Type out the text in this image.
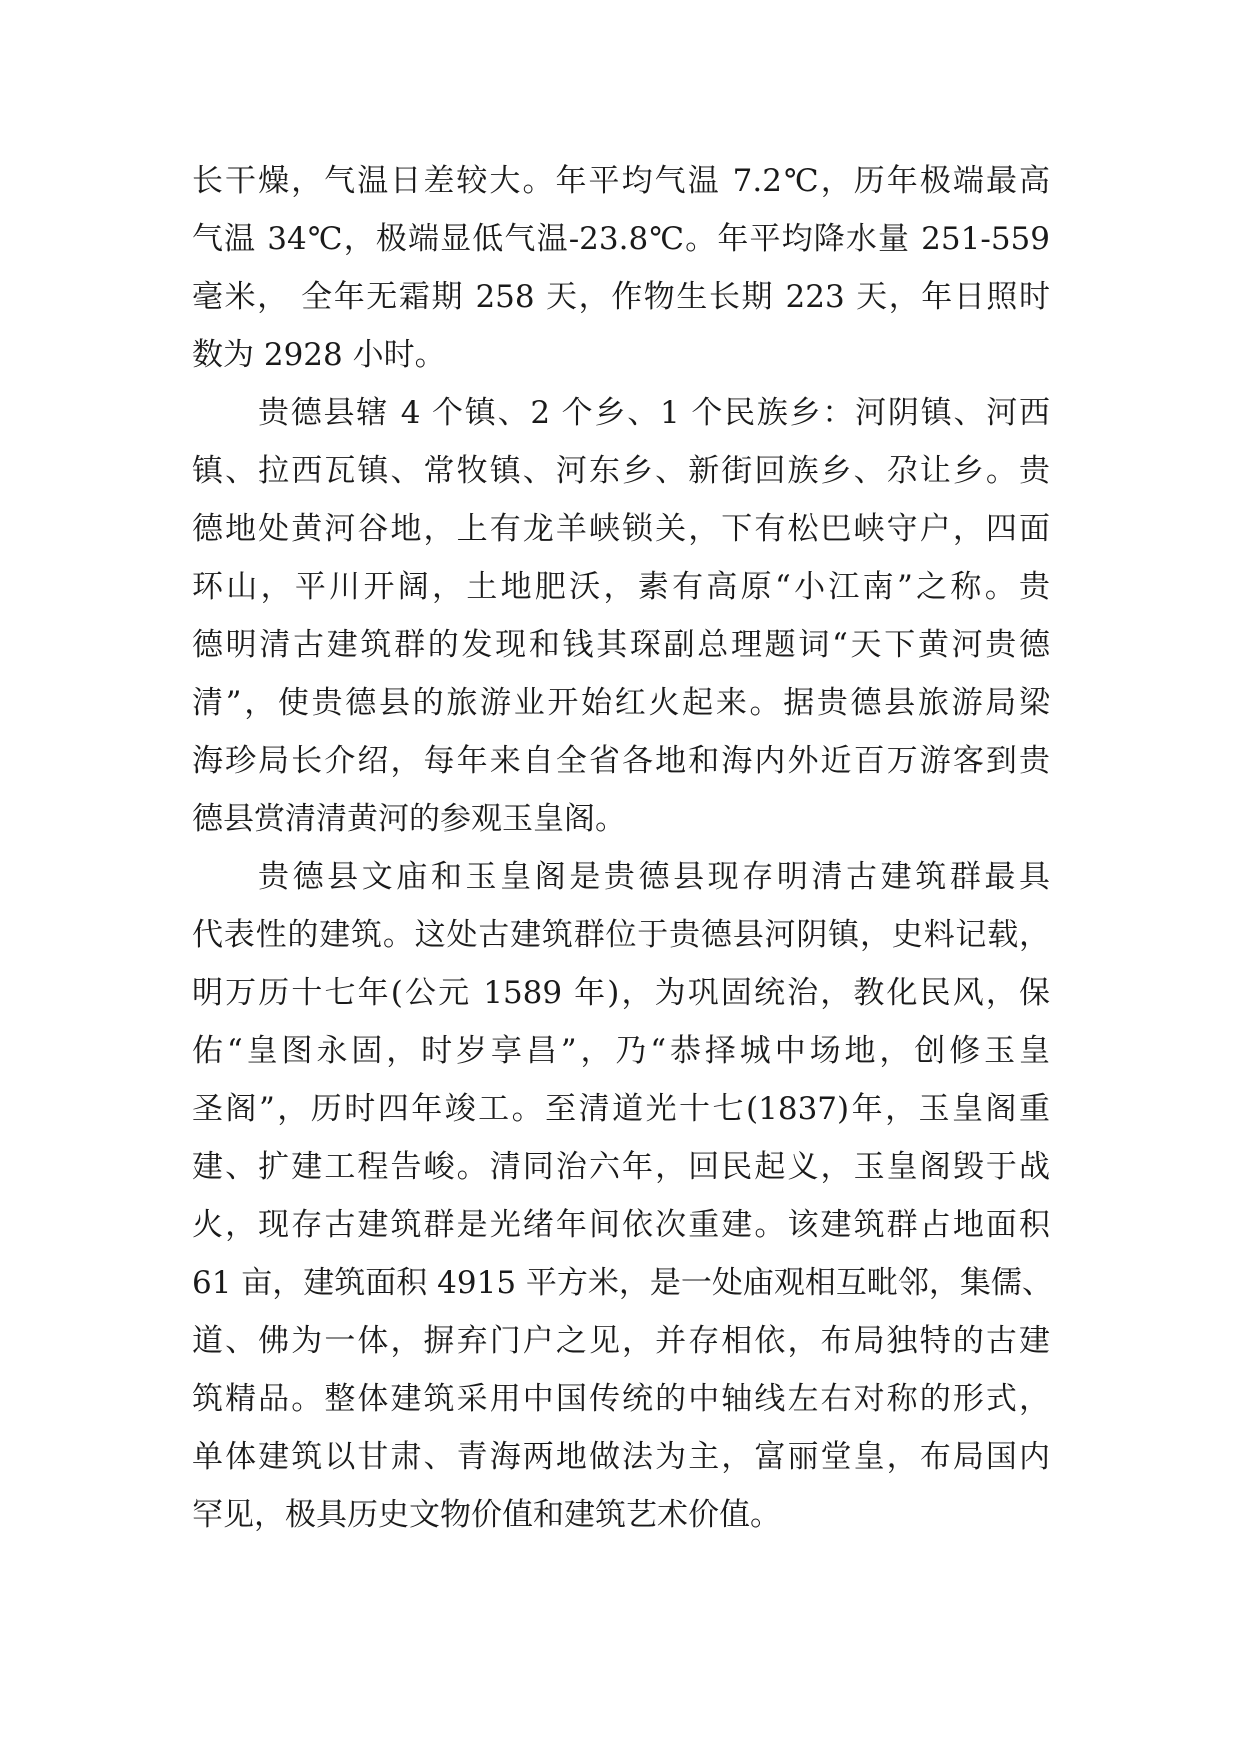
长干燥，气温日差较大。年平均气温 7.2℃，历年极端最高
气温 34℃，极端显低气温-23.8℃。年平均降水量 251-559
毫米， 全年无霜期 258 天，作物生长期 223 天，年日照时
数为 2928 小时。
贵德县辖 4 个镇、2 个乡、1 个民族乡：河阴镇、河西
镇、拉西瓦镇、常牧镇、河东乡、新街回族乡、尕让乡。贵
德地处黄河谷地，上有龙羊峡锁关，下有松巴峡守户，四面
环山，平川开阔，土地肥沃，素有高原“小江南”之称。贵
德明清古建筑群的发现和钱其琛副总理题词“天下黄河贵德
清”，使贵德县的旅游业开始红火起来。据贵德县旅游局梁
海珍局长介绍，每年来自全省各地和海内外近百万游客到贵
德县赏清清黄河的参观玉皇阁。
贵德县文庙和玉皇阁是贵德县现存明清古建筑群最具
代表性的建筑。这处古建筑群位于贵德县河阴镇，史料记载，
明万历十七年(公元 1589 年)，为巩固统治，教化民风，保
佑“皇图永固，时岁享昌”，乃“恭择城中场地，创修玉皇
圣阁”，历时四年竣工。至清道光十七(1837)年，玉皇阁重
建、扩建工程告峻。清同治六年，回民起义，玉皇阁毁于战
火，现存古建筑群是光绪年间依次重建。该建筑群占地面积
61 亩，建筑面积 4915 平方米，是一处庙观相互毗邻，集儒、
道、佛为一体，摒弃门户之见，并存相依，布局独特的古建
筑精品。整体建筑采用中国传统的中轴线左右对称的形式，
单体建筑以甘肃、青海两地做法为主，富丽堂皇，布局国内
罕见，极具历史文物价值和建筑艺术价值。
